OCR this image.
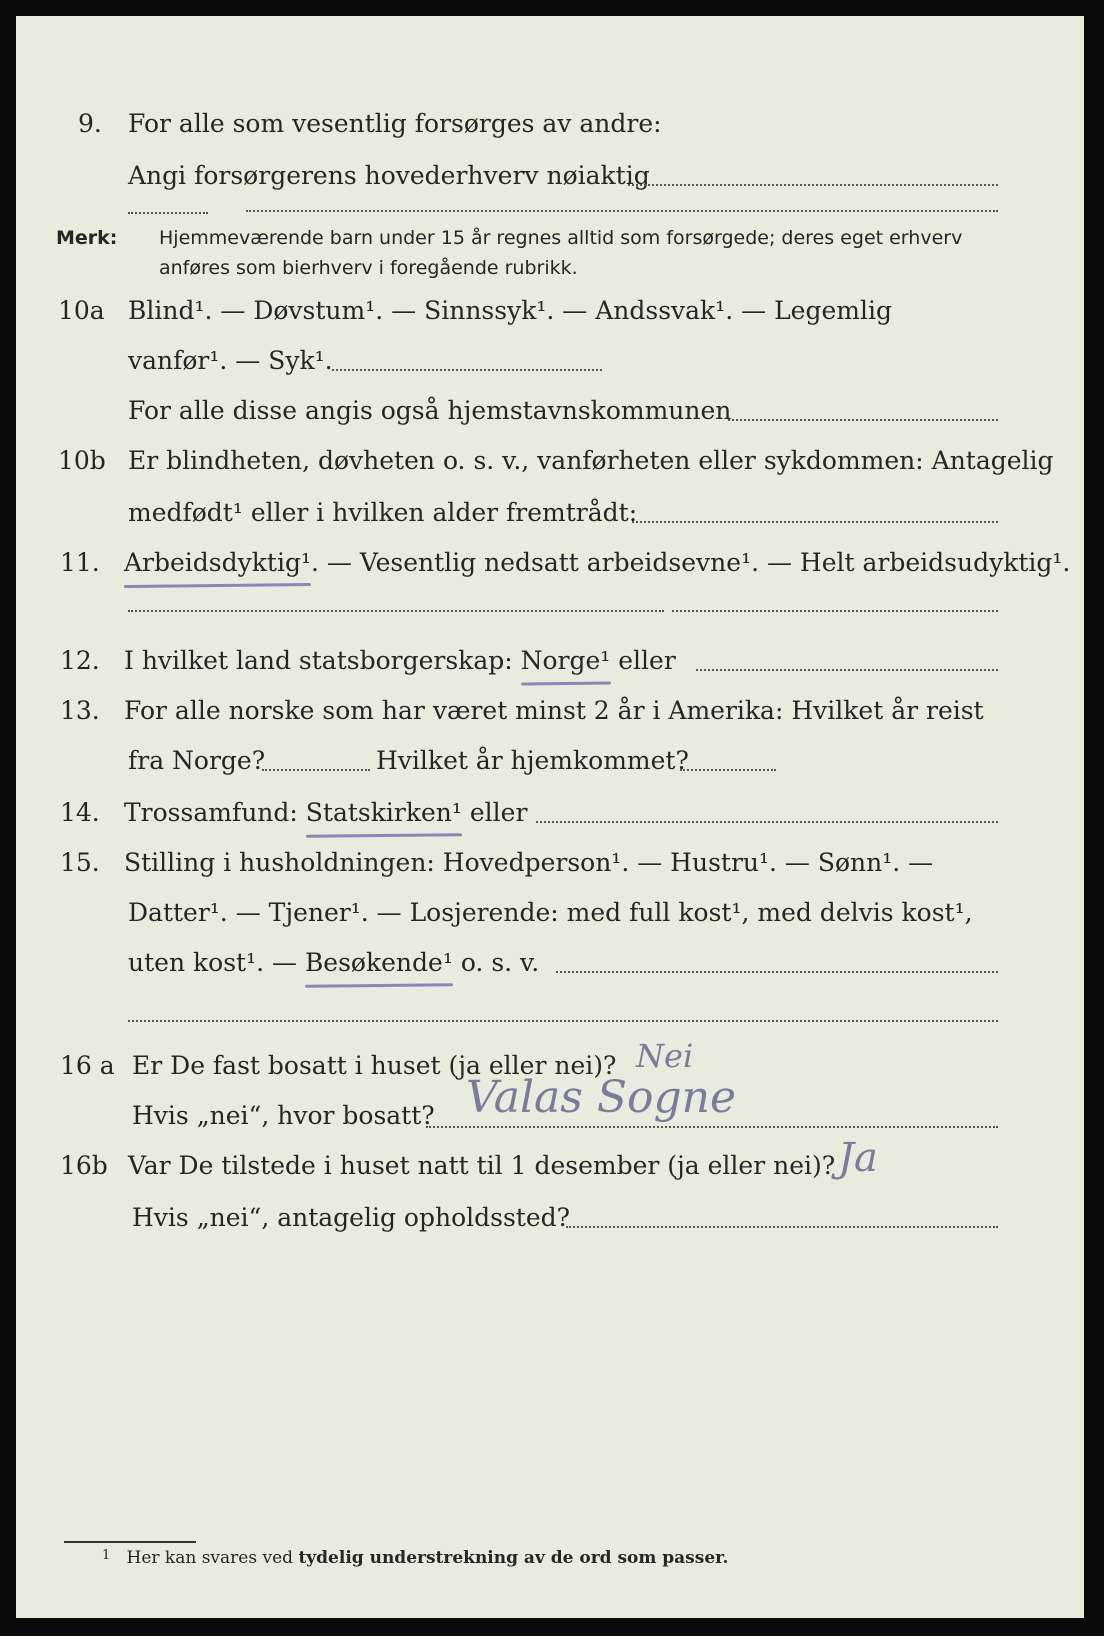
9. For alle som vesentlig forsørges av andre:
Angi forsørgerens hovederhverv nøiaktig
Merk: Hjemmeværende barn under 15 år regnes alltid som forsørgede; deres eget erhverv
anføres som bierhverv i foregående rubrikk.
10a Blind¹. — Døvstum¹. — Sinnssyk¹. — Andssvak¹. — Legemlig
vanfør¹. — Syk¹.
For alle disse angis også hjemstavnskommunen
10b Er blindheten, døvheten o. s. v., vanførheten eller sykdommen: Antagelig
medfødt¹ eller i hvilken alder fremtrådt:
11. Arbeidsdyktig¹. — Vesentlig nedsatt arbeidsevne¹. — Helt arbeidsudyktig¹.
12. I hvilket land statsborgerskap: Norge¹ eller
13. For alle norske som har været minst 2 år i Amerika: Hvilket år reist
fra Norge?	Hvilket år hjemkommet?
14. Trossamfund: Statskirken¹ eller
15. Stilling i husholdningen: Hovedperson¹. — Hustru¹. — Sønn¹. —
Datter¹. — Tjener¹. — Losjerende: med full kost¹, med delvis kost¹,
uten kost¹. — Besøkende¹ o. s. v.
16 a Er De fast bosatt i huset (ja eller nei)? Nei
Hvis „nei“, hvor bosatt? Valas Sogne
16b Var De tilstede i huset natt til 1 desember (ja eller nei)? Ja
Hvis „nei“, antagelig opholdssted?
$^1$ Her kan svares ved tydelig understrekning av de ord som passer.
